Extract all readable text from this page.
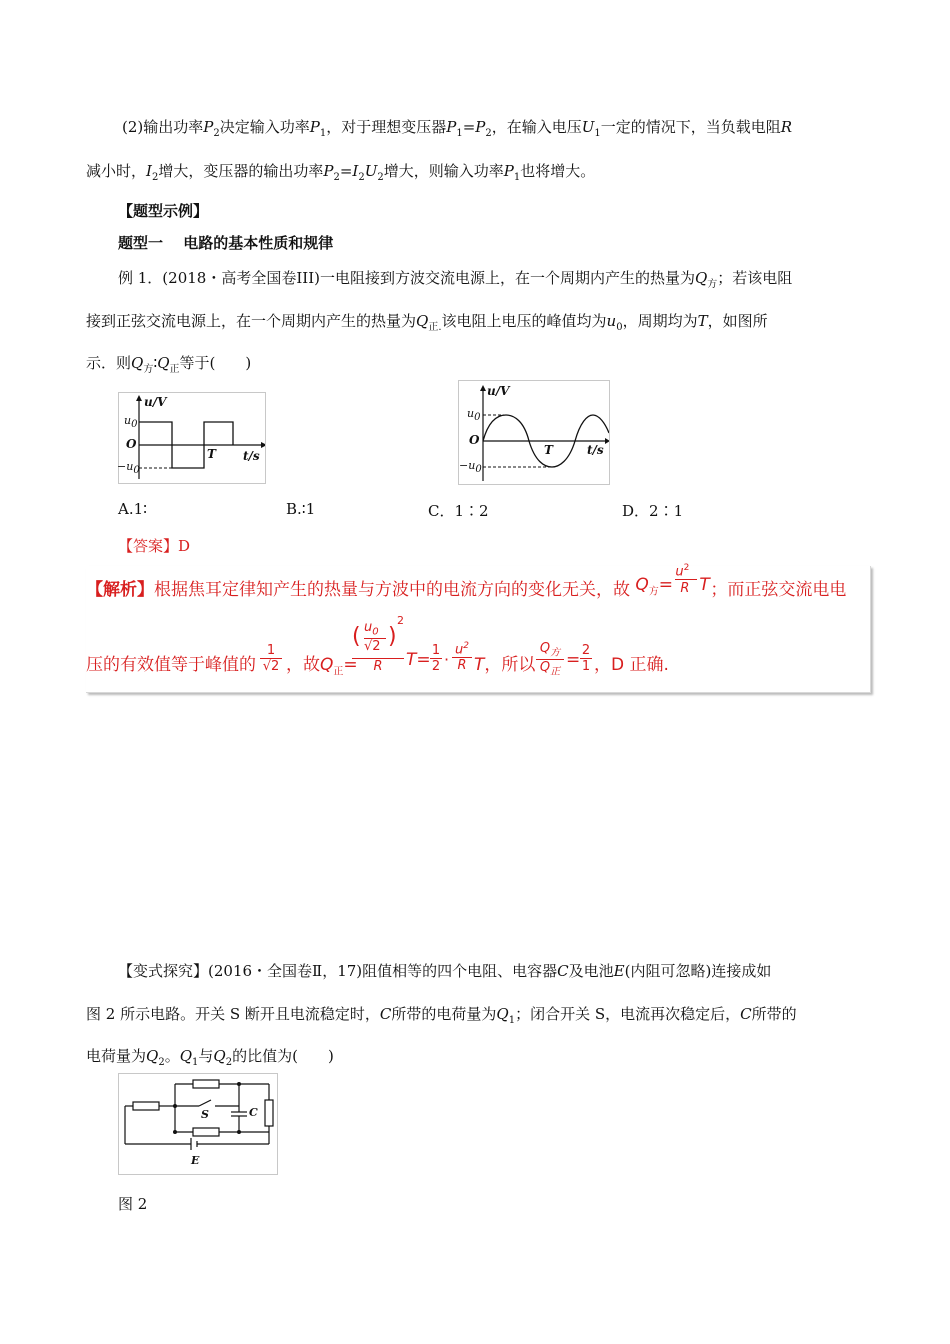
(2)输出功率$P_2$决定输入功率$P_1$，对于理想变压器$P_1=P_2$，在输入电压$U_1$一定的情况下，当负载电阻R
减小时，$I_2$增大，变压器的输出功率$P_2=I_2U_2$增大，则输入功率$P_1$也将增大。
【题型示例】
题型一　 电路的基本性质和规律
例 1．(2018・高考全国卷III)一电阻接到方波交流电源上，在一个周期内产生的热量为$Q_方$；若该电阻
接到正弦交流电源上，在一个周期内产生的热量为$Q_{正.}$该电阻上电压的峰值均为$u_0$，周期均为T，如图所
示．则$Q_方∶Q_正$等于(　　)
u/V
$u_0$
O
$-u_0$
T t/s
u/V
$u_0$
O
$-u_0$
T	t/s
A.1∶	B.∶1	C．1∶2	D．2∶1
【答案】D
【解析】根据焦耳定律知产生的热量与方波中的电流方向的变化无关，故 $Q_方=$
$u^2$
R T ；而正弦交流电电
压的有效值等于峰值的
1
√2 ，故$Q_正=$
( $u_0$
√2 )
2
R	T= 1
2 ·
$u^2$
R T，所以
$Q_方$
$Q_正$
= 2
1 ，D 正确.
【变式探究】(2016・全国卷Ⅱ，17)阻值相等的四个电阻、电容器C及电池E(内阻可忽略)连接成如
图 2 所示电路。开关 S 断开且电流稳定时，C所带的电荷量为$Q_1$；闭合开关 S，电流再次稳定后，C所带的
电荷量为$Q_2$。$Q_1$与$Q_2$的比值为(　　)
S	C
E
图 2
